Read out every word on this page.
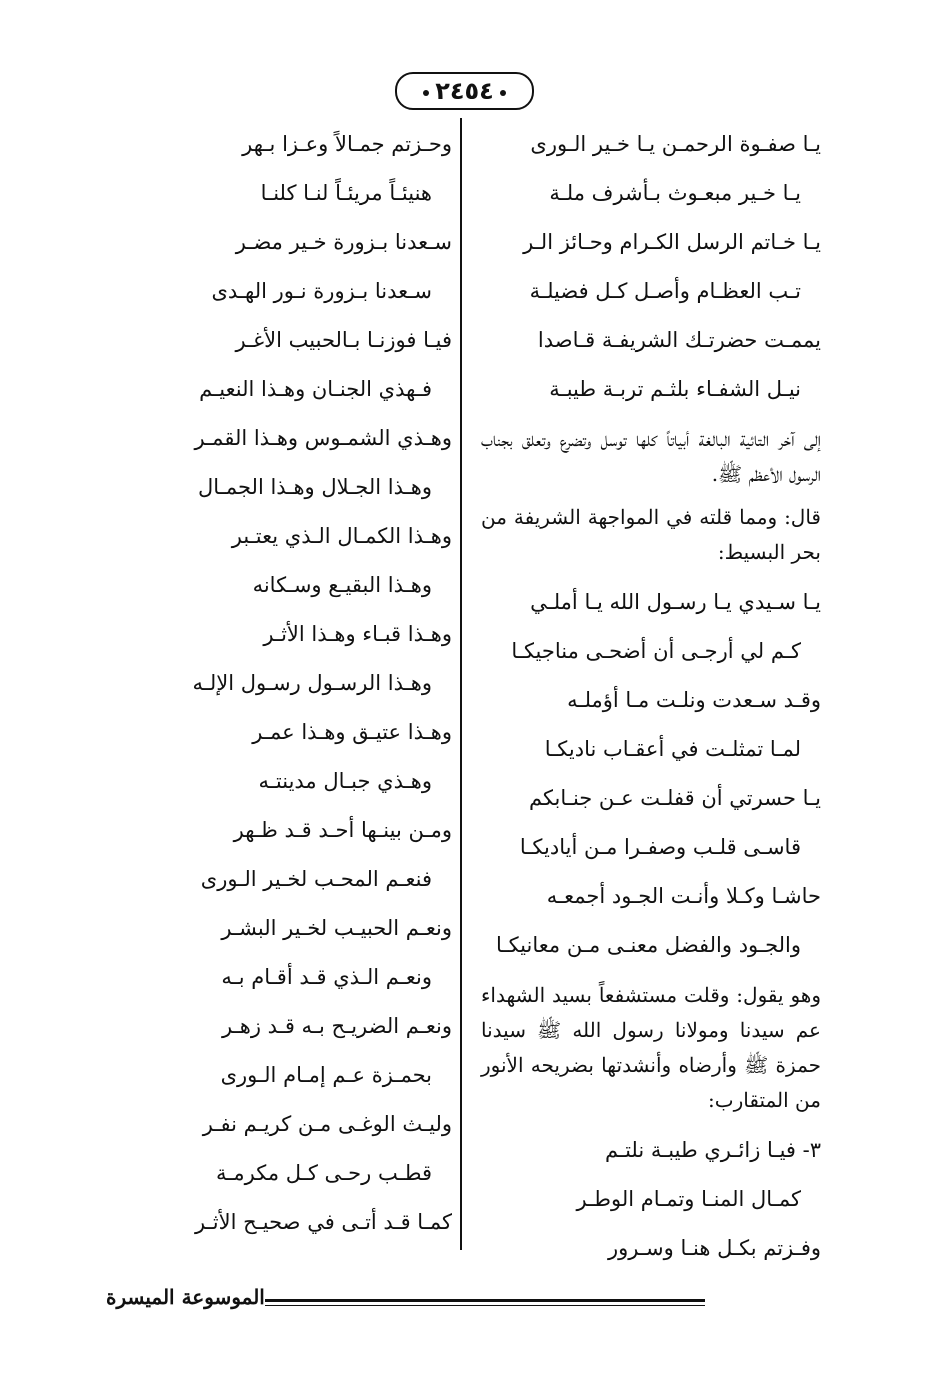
٢٤٥٤
يـا صفـوة الرحمـن يـا خـير الـورى
يـا خـير مبعـوث بـأشرف ملـة
يـا خـاتم الرسل الكـرام وحـائز الـر
تـب العظـام وأصـل كـل فضيلـة
يممـت حضرتـك الشريفـة قـاصدا
نيـل الشفـاء بلثـم تربـة طيبـة
إلى آخر التائية البالغة أبياتاً كلها توسل وتضرع وتعلق بجناب الرسول الأعظم ﷺ.
قال: ومما قلته في المواجهة الشريفة من بحر البسيط:
يـا سـيدي يـا رسـول الله يـا أملـي
كـم لي أرجـى أن أضحـى مناجيكـا
وقـد سـعدت ونلـت مـا أؤملـه
لمـا تمثلـت في أعقـاب ناديكـا
يـا حسرتي أن قفلـت عـن جنـابكم
قاسـى قلـب وصفـرا مـن أياديكـا
حاشـا وكـلا وأنـت الجـود أجمعـه
والجـود والفضل معنـى مـن معانيكـا
وهو يقول: وقلت مستشفعاً بسيد الشهداء عم سيدنا ومولانا رسول الله ﷺ سيدنا حمزة ﷺ وأرضاه وأنشدتها بضريحه الأنور من المتقارب:
٣- فيـا زائـري طيبـة نلتـم
كمـال المنـا وتمـام الوطـر
وفـزتم بكـل هنـا وسـرور
وحـزتم جمـالاً وعـزا بـهر
هنيئـاً مريئـاً لنـا كلنـا
سـعدنا بـزورة خـير مضـر
سـعدنا بـزورة نـور الهـدى
فيـا فوزنـا بـالحبيب الأغـر
فـهذي الجنـان وهـذا النعيـم
وهـذي الشمـوس وهـذا القمـر
وهـذا الجـلال وهـذا الجمـال
وهـذا الكمـال الـذي يعتـبر
وهـذا البقيـع وسـكانه
وهـذا قبـاء وهـذا الأثـر
وهـذا الرسـول رسـول الإلـه
وهـذا عتيـق وهـذا عمـر
وهـذي جبـال مدينتـه
ومـن بينـها أحـد قـد ظـهر
فنعـم المحـب لخـير الـورى
ونعـم الحبيـب لخـير البشـر
ونعـم الـذي قـد أقـام بـه
ونعـم الضريـح بـه قـد زهـر
بحمـزة عـم إمـام الـورى
وليـث الوغـى مـن كريـم نفـر
قطـب رحـى كـل مكرمـة
كمـا قـد أتـى في صحيـح الأثـر
الموسوعة الميسرة
